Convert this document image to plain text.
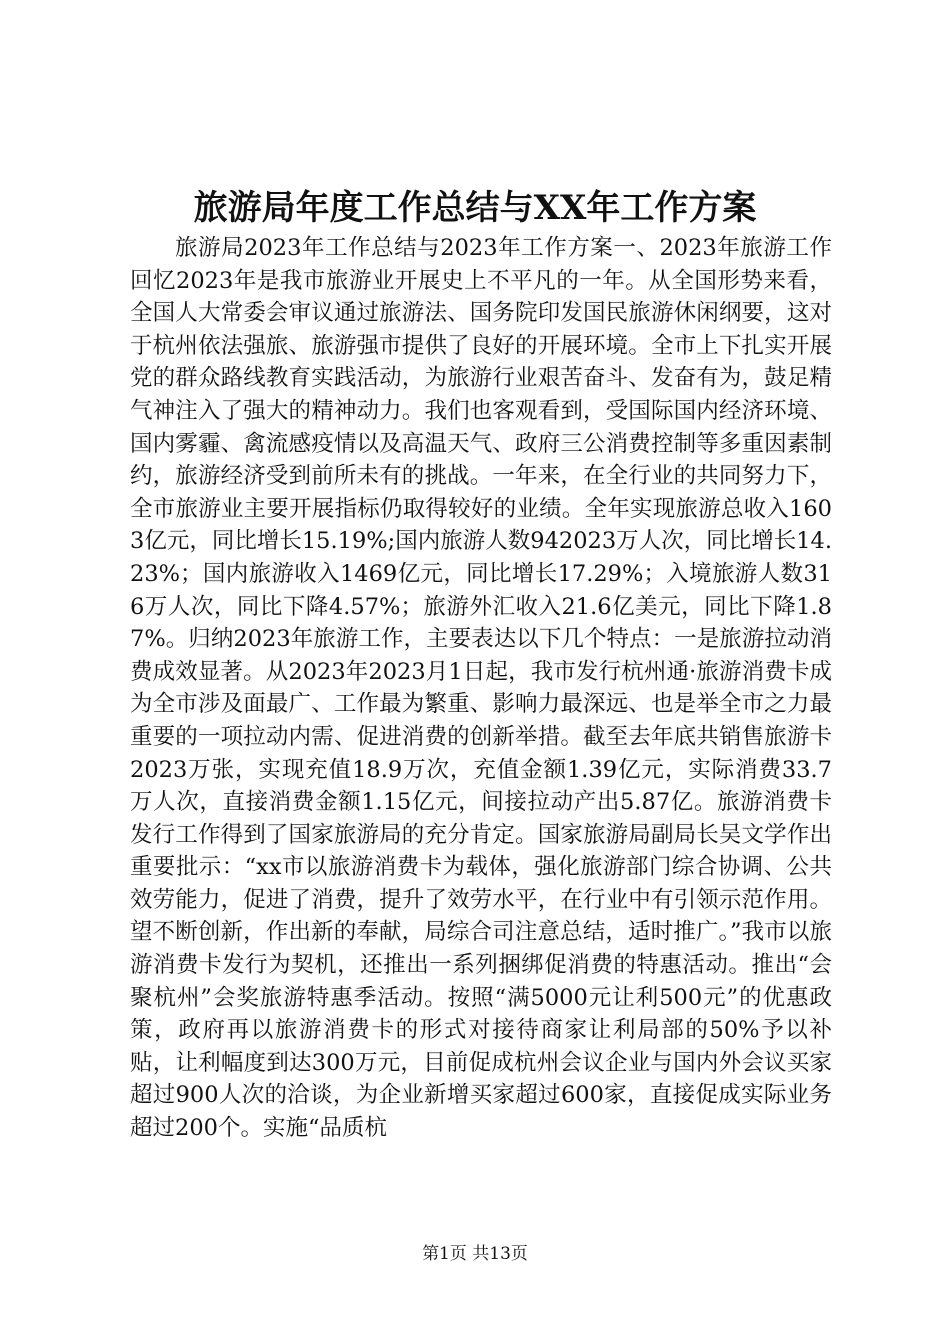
旅游局年度工作总结与XX年工作方案

旅游局2023年工作总结与2023年工作方案一、2023年旅游工作回忆2023年是我市旅游业开展史上不平凡的一年。从全国形势来看，全国人大常委会审议通过旅游法、国务院印发国民旅游休闲纲要，这对于杭州依法强旅、旅游强市提供了良好的开展环境。全市上下扎实开展党的群众路线教育实践活动，为旅游行业艰苦奋斗、发奋有为，鼓足精气神注入了强大的精神动力。我们也客观看到，受国际国内经济环境、国内雾霾、禽流感疫情以及高温天气、政府三公消费控制等多重因素制约，旅游经济受到前所未有的挑战。一年来，在全行业的共同努力下，全市旅游业主要开展指标仍取得较好的业绩。全年实现旅游总收入1603亿元，同比增长15.19%;国内旅游人数942023万人次，同比增长14.23%；国内旅游收入1469亿元，同比增长17.29%；入境旅游人数316万人次，同比下降4.57%；旅游外汇收入21.6亿美元，同比下降1.87%。归纳2023年旅游工作，主要表达以下几个特点：一是旅游拉动消费成效显著。从2023年2023月1日起，我市发行杭州通·旅游消费卡成为全市涉及面最广、工作最为繁重、影响力最深远、也是举全市之力最重要的一项拉动内需、促进消费的创新举措。截至去年底共销售旅游卡2023万张，实现充值18.9万次，充值金额1.39亿元，实际消费33.7万人次，直接消费金额1.15亿元，间接拉动产出5.87亿。旅游消费卡发行工作得到了国家旅游局的充分肯定。国家旅游局副局长吴文学作出重要批示：“xx市以旅游消费卡为载体，强化旅游部门综合协调、公共效劳能力，促进了消费，提升了效劳水平，在行业中有引领示范作用。望不断创新，作出新的奉献，局综合司注意总结，适时推广。”我市以旅游消费卡发行为契机，还推出一系列捆绑促消费的特惠活动。推出“会聚杭州”会奖旅游特惠季活动。按照“满5000元让利500元”的优惠政策，政府再以旅游消费卡的形式对接待商家让利局部的50%予以补贴，让利幅度到达300万元，目前促成杭州会议企业与国内外会议买家超过900人次的洽谈，为企业新增买家超过600家，直接促成实际业务超过200个。实施“品质杭

第1页 共13页
